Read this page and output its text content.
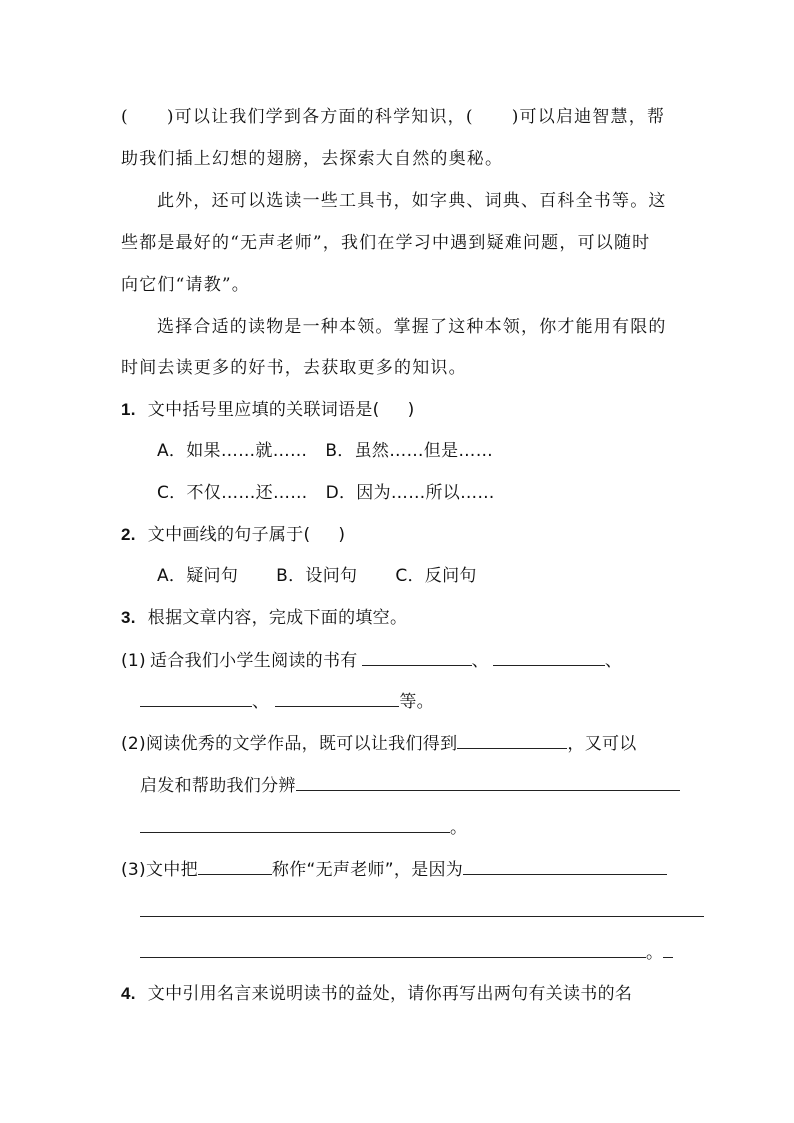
( )可以让我们学到各方面的科学知识，( )可以启迪智慧，帮
助我们插上幻想的翅膀，去探索大自然的奥秘。
此外，还可以选读一些工具书，如字典、词典、百科全书等。这
些都是最好的“无声老师”，我们在学习中遇到疑难问题，可以随时
向它们“请教”。
选择合适的读物是一种本领。掌握了这种本领，你才能用有限的
时间去读更多的好书，去获取更多的知识。
1. 文中括号里应填的关联词语是( )
A．如果……就…… B．虽然……但是……
C．不仅……还…… D．因为……所以……
2. 文中画线的句子属于( )
A．疑问句 B．设问句 C．反问句
3. 根据文章内容，完成下面的填空。
(1) 适合我们小学生阅读的书有	、	、
、	等。
(2)阅读优秀的文学作品，既可以让我们得到	，又可以
启发和帮助我们分辨
。
(3)文中把	称作“无声老师”，是因为
。
4. 文中引用名言来说明读书的益处，请你再写出两句有关读书的名
